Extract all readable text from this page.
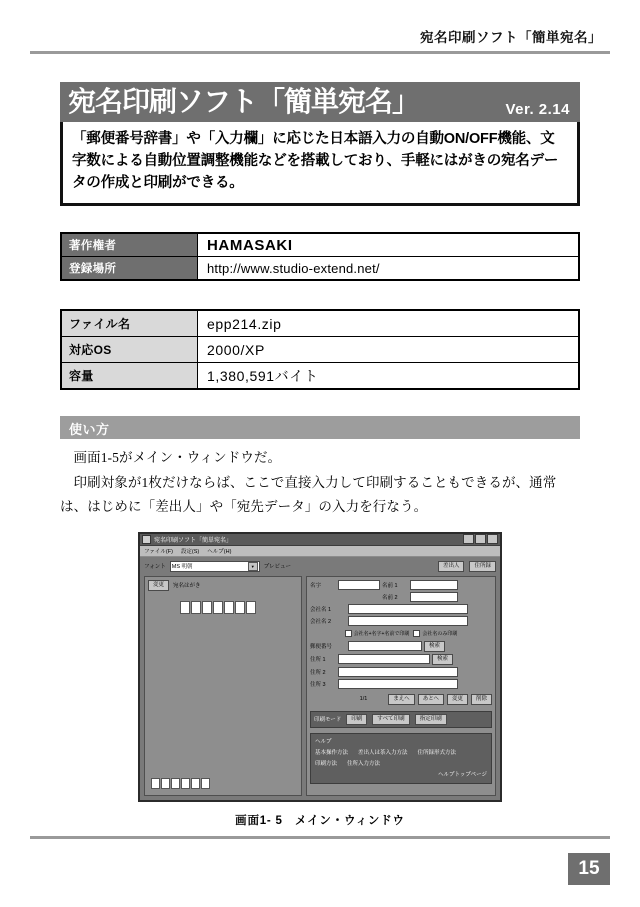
宛名印刷ソフト「簡単宛名」
宛名印刷ソフト「簡単宛名」	Ver. 2.14
「郵便番号辞書」や「入力欄」に応じた日本語入力の自動ON/OFF機能、文字数による自動位置調整機能などを搭載しており、手軽にはがきの宛名データの作成と印刷ができる。
著作権者	HAMASAKI
登録場所	http://www.studio-extend.net/
ファイル名	epp214.zip
対応OS	2000/XP
容量	1,380,591バイト
使い方
画面1-5がメイン・ウィンドウだ。
印刷対象が1枚だけならば、ここで直接入力して印刷することもできるが、通常は、はじめに「差出人」や「宛先データ」の入力を行なう。
宛名印刷ソフト「簡単宛名」
ファイル(F) 設定(S) ヘルプ(H)
フォント MS 明朝	▼	プレビュー	差出人	住所録
変更	宛名はがき	名字	名前 1
名前 2
会社名 1
会社名 2
会社名+名字+名前で印刷	会社名のみ印刷
郵便番号	検索
住所 1	検索
住所 2
住所 3
1/1	まえへ	あとへ	変更	削除
印刷モード	印刷	すべて印刷	指定印刷
ヘルプ
基本操作方法 差出人は茶入力方法 住所録形式方法
印刷方法 住所入力方法
ヘルプトップページ
画面1- 5　メイン・ウィンドウ
15
